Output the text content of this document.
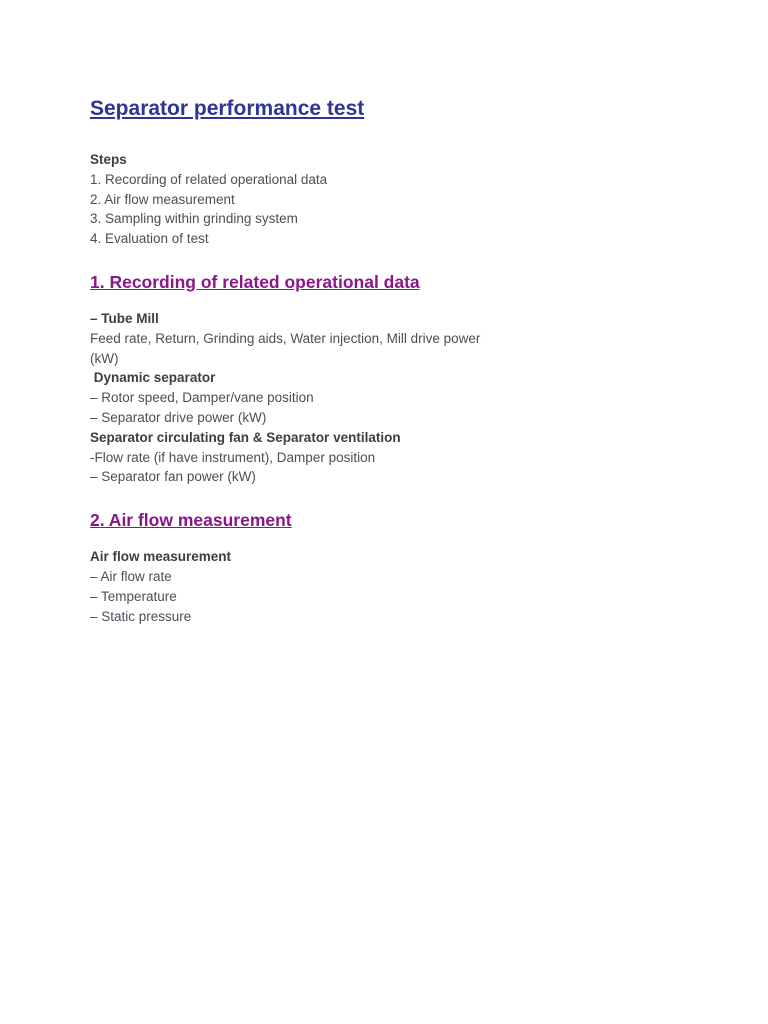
Separator performance test

Steps

1. Recording of related operational data

2. Air flow measurement

3. Sampling within grinding system

4. Evaluation of test

1. Recording of related operational data

– Tube Mill

Feed rate, Return, Grinding aids, Water injection, Mill drive power (kW)

Dynamic separator

– Rotor speed, Damper/vane position

– Separator drive power (kW)

Separator circulating fan & Separator ventilation

-Flow rate (if have instrument), Damper position

– Separator fan power (kW)

2. Air flow measurement

Air flow measurement

– Air flow rate

– Temperature

– Static pressure
